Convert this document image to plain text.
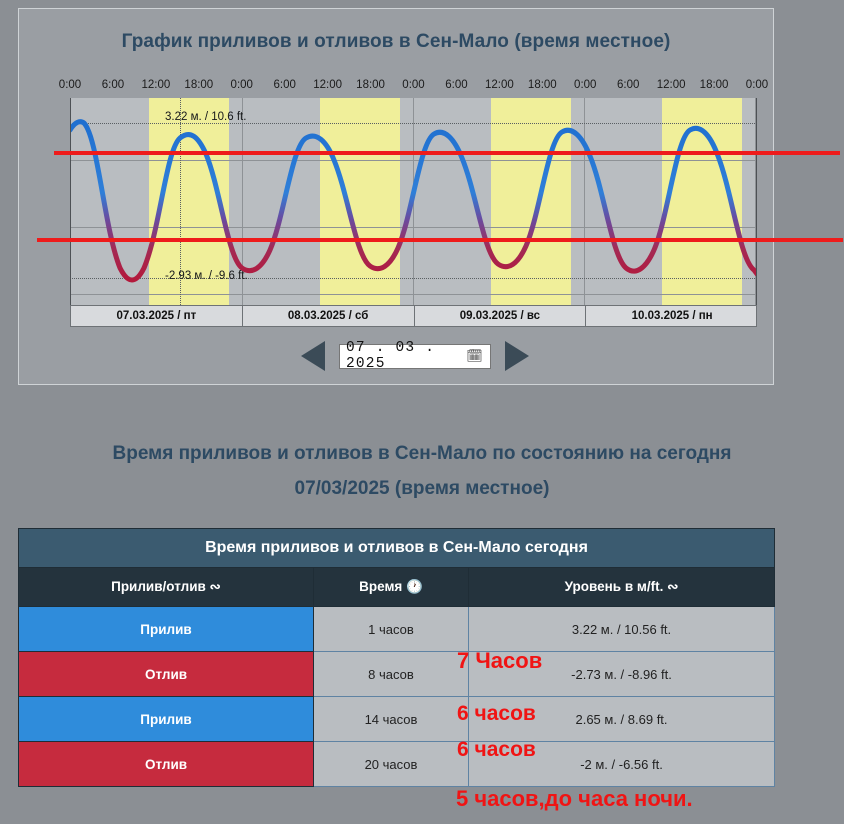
График приливов и отливов в Сен-Мало (время местное)
0:00 6:00 12:00 18:00 0:00 6:00 12:00 18:00 0:00 6:00 12:00 18:00 0:00 6:00 12:00 18:00 0:00
3.22 м. / 10.6 ft.
-2.93 м. / -9.6 ft.
07.03.2025 / пт	08.03.2025 / сб	09.03.2025 / вс	10.03.2025 / пн
07 . 03 . 2025	🗓
Время приливов и отливов в Сен-Мало по состоянию на сегодня
07/03/2025 (время местное)
Время приливов и отливов в Сен-Мало сегодня		
Прилив/отлив ∾	Время 🕐	Уровень в м/ft. ∾
Прилив	1 часов	3.22 м. / 10.56 ft.
Отлив	8 часов	-2.73 м. / -8.96 ft.
Прилив	14 часов	2.65 м. / 8.69 ft.
Отлив	20 часов	-2 м. / -6.56 ft.
7 Часов
6 часов
6 часов
5 часов,до часа ночи.
